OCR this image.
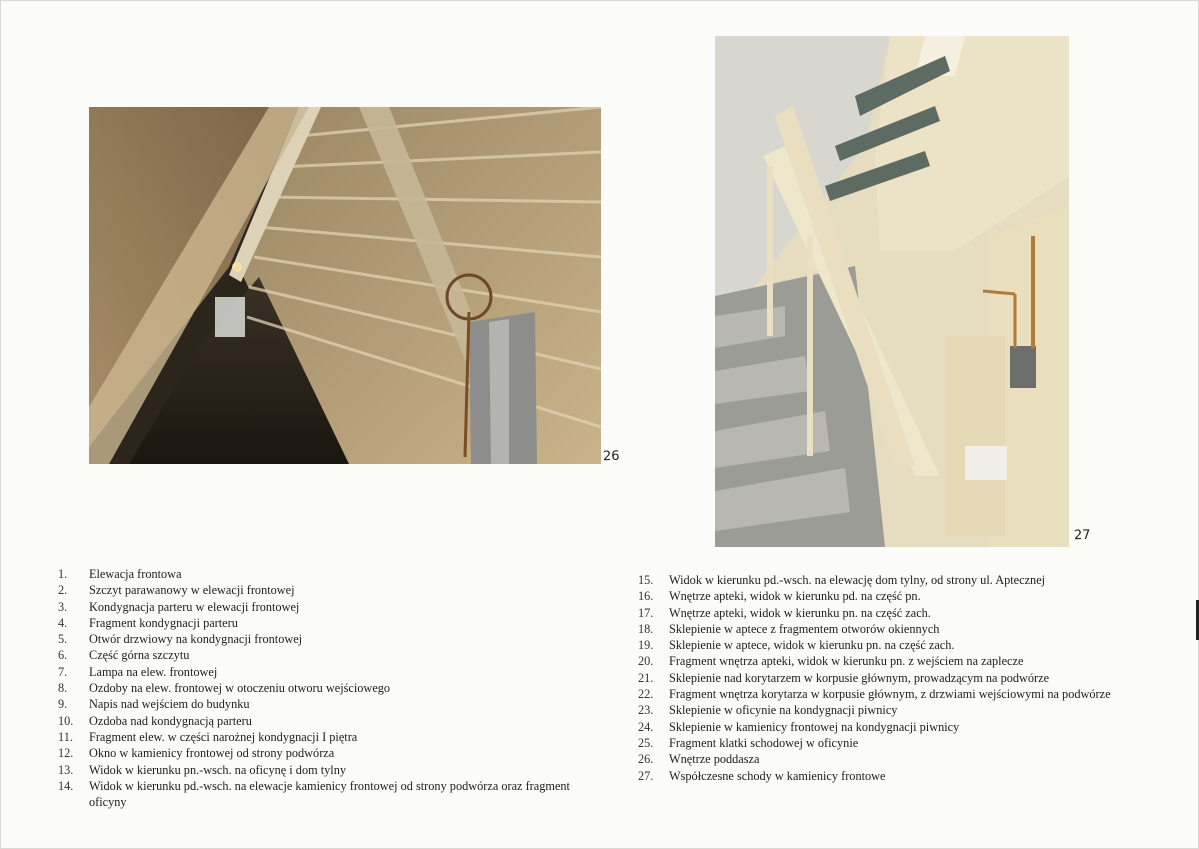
26
27
1.	Elewacja frontowa
2.	Szczyt parawanowy w elewacji frontowej
3.	Kondygnacja parteru w elewacji frontowej
4.	Fragment kondygnacji parteru
5.	Otwór drzwiowy na kondygnacji frontowej
6.	Część górna szczytu
7.	Lampa na elew. frontowej
8.	Ozdoby na elew. frontowej w otoczeniu otworu wejściowego
9.	Napis nad wejściem do budynku
10.	Ozdoba nad kondygnacją parteru
11.	Fragment elew. w części narożnej kondygnacji I piętra
12.	Okno w kamienicy frontowej od strony podwórza
13.	Widok w kierunku pn.-wsch. na oficynę i dom tylny
14.	Widok w kierunku pd.-wsch. na elewacje kamienicy frontowej od strony podwórza oraz fragment oficyny
15.	Widok w kierunku pd.-wsch. na elewację dom tylny, od strony ul. Aptecznej
16.	Wnętrze apteki, widok w kierunku pd. na część pn.
17.	Wnętrze apteki, widok w kierunku pn. na część zach.
18.	Sklepienie w aptece z fragmentem otworów okiennych
19.	Sklepienie w aptece, widok w kierunku pn. na część zach.
20.	Fragment wnętrza apteki, widok w kierunku pn. z wejściem na zaplecze
21.	Sklepienie nad korytarzem w korpusie głównym, prowadzącym na podwórze
22.	Fragment wnętrza korytarza w korpusie głównym, z drzwiami wejściowymi na podwórze
23.	Sklepienie w oficynie na kondygnacji piwnicy
24.	Sklepienie w kamienicy frontowej na kondygnacji piwnicy
25.	Fragment klatki schodowej w oficynie
26.	Wnętrze poddasza
27.	Współczesne schody w kamienicy frontowe
